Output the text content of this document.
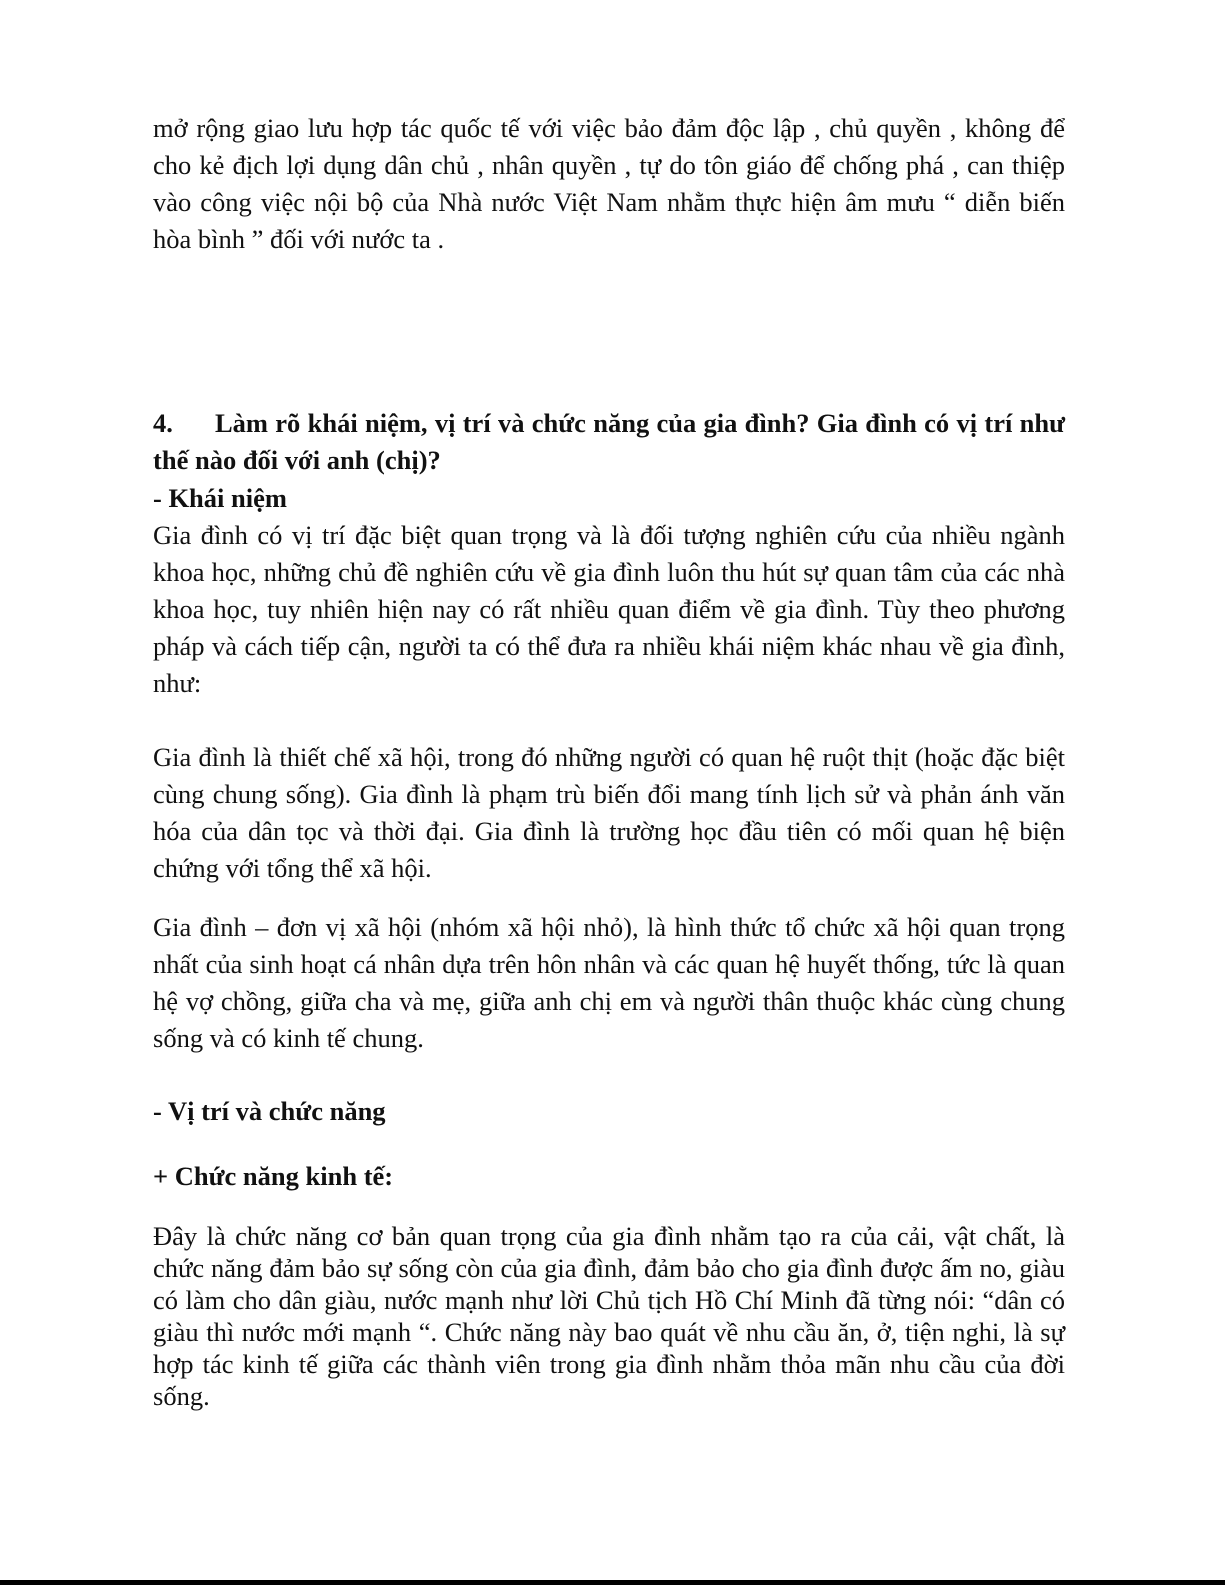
mở rộng giao lưu hợp tác quốc tế với việc bảo đảm độc lập , chủ quyền , không để cho kẻ địch lợi dụng dân chủ , nhân quyền , tự do tôn giáo để chống phá , can thiệp vào công việc nội bộ của Nhà nước Việt Nam nhằm thực hiện âm mưu “ diễn biến hòa bình ” đối với nước ta .

4. Làm rõ khái niệm, vị trí và chức năng của gia đình? Gia đình có vị trí như thế nào đối với anh (chị)?

- Khái niệm

Gia đình có vị trí đặc biệt quan trọng và là đối tượng nghiên cứu của nhiều ngành khoa học, những chủ đề nghiên cứu về gia đình luôn thu hút sự quan tâm của các nhà khoa học, tuy nhiên hiện nay có rất nhiều quan điểm về gia đình. Tùy theo phương pháp và cách tiếp cận, người ta có thể đưa ra nhiều khái niệm khác nhau về gia đình, như:

Gia đình là thiết chế xã hội, trong đó những người có quan hệ ruột thịt (hoặc đặc biệt cùng chung sống). Gia đình là phạm trù biến đổi mang tính lịch sử và phản ánh văn hóa của dân tọc và thời đại. Gia đình là trường học đầu tiên có mối quan hệ biện chứng với tổng thể xã hội.

Gia đình – đơn vị xã hội (nhóm xã hội nhỏ), là hình thức tổ chức xã hội quan trọng nhất của sinh hoạt cá nhân dựa trên hôn nhân và các quan hệ huyết thống, tức là quan hệ vợ chồng, giữa cha và mẹ, giữa anh chị em và người thân thuộc khác cùng chung sống và có kinh tế chung.

- Vị trí và chức năng

+ Chức năng kinh tế:

Đây là chức năng cơ bản quan trọng của gia đình nhằm tạo ra của cải, vật chất, là chức năng đảm bảo sự sống còn của gia đình, đảm bảo cho gia đình được ấm no, giàu có làm cho dân giàu, nước mạnh như lời Chủ tịch Hồ Chí Minh đã từng nói: “dân có giàu thì nước mới mạnh “. Chức năng này bao quát về nhu cầu ăn, ở, tiện nghi, là sự hợp tác kinh tế giữa các thành viên trong gia đình nhằm thỏa mãn nhu cầu của đời sống.
